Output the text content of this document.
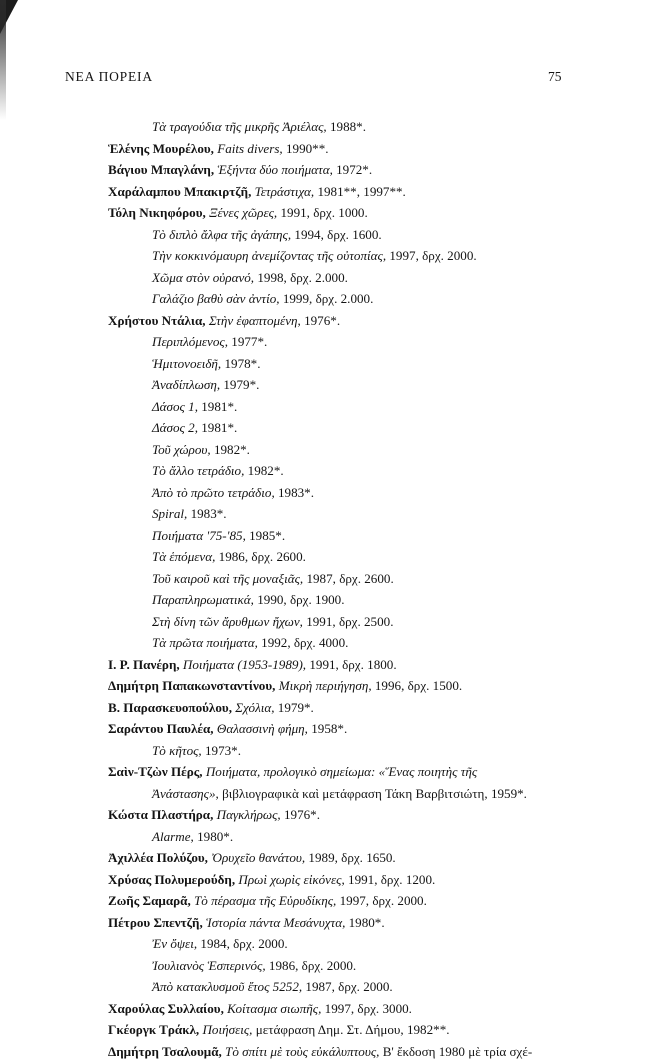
ΝΕΑ ΠΟΡΕΙΑ	75
Τὰ τραγούδια τῆς μικρῆς Ἀριέλας, 1988*.
Ἑλένης Μουρέλου, Faits divers, 1990**.
Βάγιου Μπαγλάνη, Ἑξήντα δύο ποιήματα, 1972*.
Χαράλαμπου Μπακιρτζῆ, Τετράστιχα, 1981**, 1997**.
Τόλη Νικηφόρου, Ξένες χῶρες, 1991, δρχ. 1000.
Τὸ διπλὸ ἄλφα τῆς ἀγάπης, 1994, δρχ. 1600.
Τὴν κοκκινόμαυρη ἀνεμίζοντας τῆς οὐτοπίας, 1997, δρχ. 2000.
Χῶμα στὸν οὐρανό, 1998, δρχ. 2.000.
Γαλάζιο βαθὺ σὰν ἀντίο, 1999, δρχ. 2.000.
Χρήστου Ντάλια, Στὴν ἐφαπτομένη, 1976*.
Περιπλόμενος, 1977*.
Ἡμιτονοειδῆ, 1978*.
Ἀναδίπλωση, 1979*.
Δάσος 1, 1981*.
Δάσος 2, 1981*.
Τοῦ χώρου, 1982*.
Τὸ ἄλλο τετράδιο, 1982*.
Ἀπὸ τὸ πρῶτο τετράδιο, 1983*.
Spiral, 1983*.
Ποιήματα '75-'85, 1985*.
Τὰ ἑπόμενα, 1986, δρχ. 2600.
Τοῦ καιροῦ καὶ τῆς μοναξιᾶς, 1987, δρχ. 2600.
Παραπληρωματικά, 1990, δρχ. 1900.
Στὴ δίνη τῶν ἄρυθμων ἤχων, 1991, δρχ. 2500.
Τὰ πρῶτα ποιήματα, 1992, δρχ. 4000.
Ι. Ρ. Πανέρη, Ποιήματα (1953-1989), 1991, δρχ. 1800.
Δημήτρη Παπακωνσταντίνου, Μικρὴ περιήγηση, 1996, δρχ. 1500.
Β. Παρασκευοπούλου, Σχόλια, 1979*.
Σαράντου Παυλέα, Θαλασσινὴ φήμη, 1958*.
Τὸ κῆτος, 1973*.
Σαὶν-Τζὼν Πέρς, Ποιήματα, προλογικὸ σημείωμα: «Ἕνας ποιητὴς τῆς
Ἀνάστασης», βιβλιογραφικὰ καὶ μετάφραση Τάκη Βαρβιτσιώτη, 1959*.
Κώστα Πλαστήρα, Παγκλήρως, 1976*.
Alarme, 1980*.
Ἀχιλλέα Πολύζου, Ὀρυχεῖο θανάτου, 1989, δρχ. 1650.
Χρύσας Πολυμερούδη, Πρωὶ χωρὶς εἰκόνες, 1991, δρχ. 1200.
Ζωῆς Σαμαρᾶ, Τὸ πέρασμα τῆς Εὐρυδίκης, 1997, δρχ. 2000.
Πέτρου Σπεντζῆ, Ἱστορία πάντα Μεσάνυχτα, 1980*.
Ἐν ὄψει, 1984, δρχ. 2000.
Ἰουλιανὸς Ἑσπερινός, 1986, δρχ. 2000.
Ἀπὸ κατακλυσμοῦ ἔτος 5252, 1987, δρχ. 2000.
Χαρούλας Συλλαίου, Κοίτασμα σιωπῆς, 1997, δρχ. 3000.
Γκέοργκ Τράκλ, Ποιήσεις, μετάφραση Δημ. Στ. Δήμου, 1982**.
Δημήτρη Τσαλουμᾶ, Τὸ σπίτι μὲ τοὺς εὐκάλυπτους, Β' ἔκδοση 1980 μὲ τρία σχέ-
